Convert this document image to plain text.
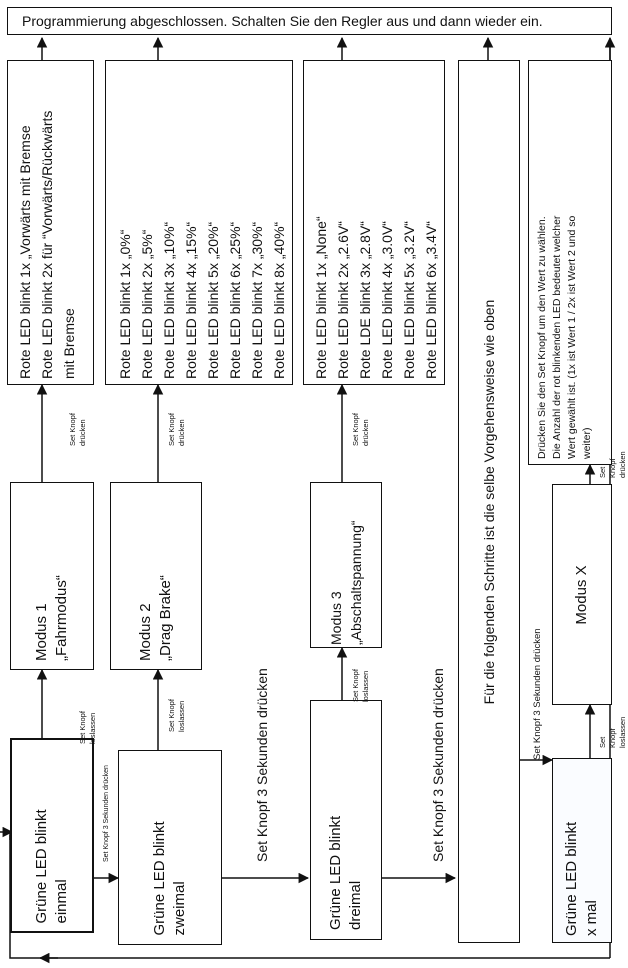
Programmierung abgeschlossen. Schalten Sie den Regler aus und dann wieder ein.
Grüne LED blinkt
einmal	Grüne LED blinkt
zweimal	Grüne LED blinkt
dreimal	Grüne LED blinkt
x mal
Modus 1
„Fahrmodus“	Modus 2
„Drag Brake“
Modus 3
„Abschaltspannung“	Modus X
Rote LED blinkt 1x „Vorwärts mit Bremse
Rote LED blinkt 2x für “Vorwärts/Rückwärts
mit Bremse
Rote LED blinkt 1x „0%“
Rote LED blinkt 2x „5%“
Rote LED blinkt 3x „10%“
Rote LED blinkt 4x „15%“
Rote LED blinkt 5x „20%“
Rote LED blinkt 6x „25%“
Rote LED blinkt 7x „30%“
Rote LED blinkt 8x „40%“
Rote LED blinkt 1x „None“
Rote LED blinkt 2x „2.6V“
Rote LDE blinkt 3x „2.8V“
Rote LED blinkt 4x „3.0V“
Rote LED blinkt 5x „3.2V“
Rote LED blinkt 6x „3.4V“
Drücken Sie den Set Knopf um den Wert zu wählen.
Die Anzahl der rot blinkenden LED bedeutet welcher
Wert gewählt ist. (1x ist Wert 1 / 2x ist Wert 2 und so
weiter)
Für die folgenden Schritte ist die selbe Vorgehensweise wie oben
Set Knopf
loslassen	Set Knopf
loslassen
Set Knopf
loslassen
Set Knopf
loslassen
Set Knopf
drücken	Set Knopf
drücken	Set Knopf
drücken
Set Knopf
drücken
Set Knopf 3 Sekunden drücken	Set Knopf 3 Sekunden drücken	Set Knopf 3 Sekunden drücken	Set Knopf 3 Sekunden drücken
